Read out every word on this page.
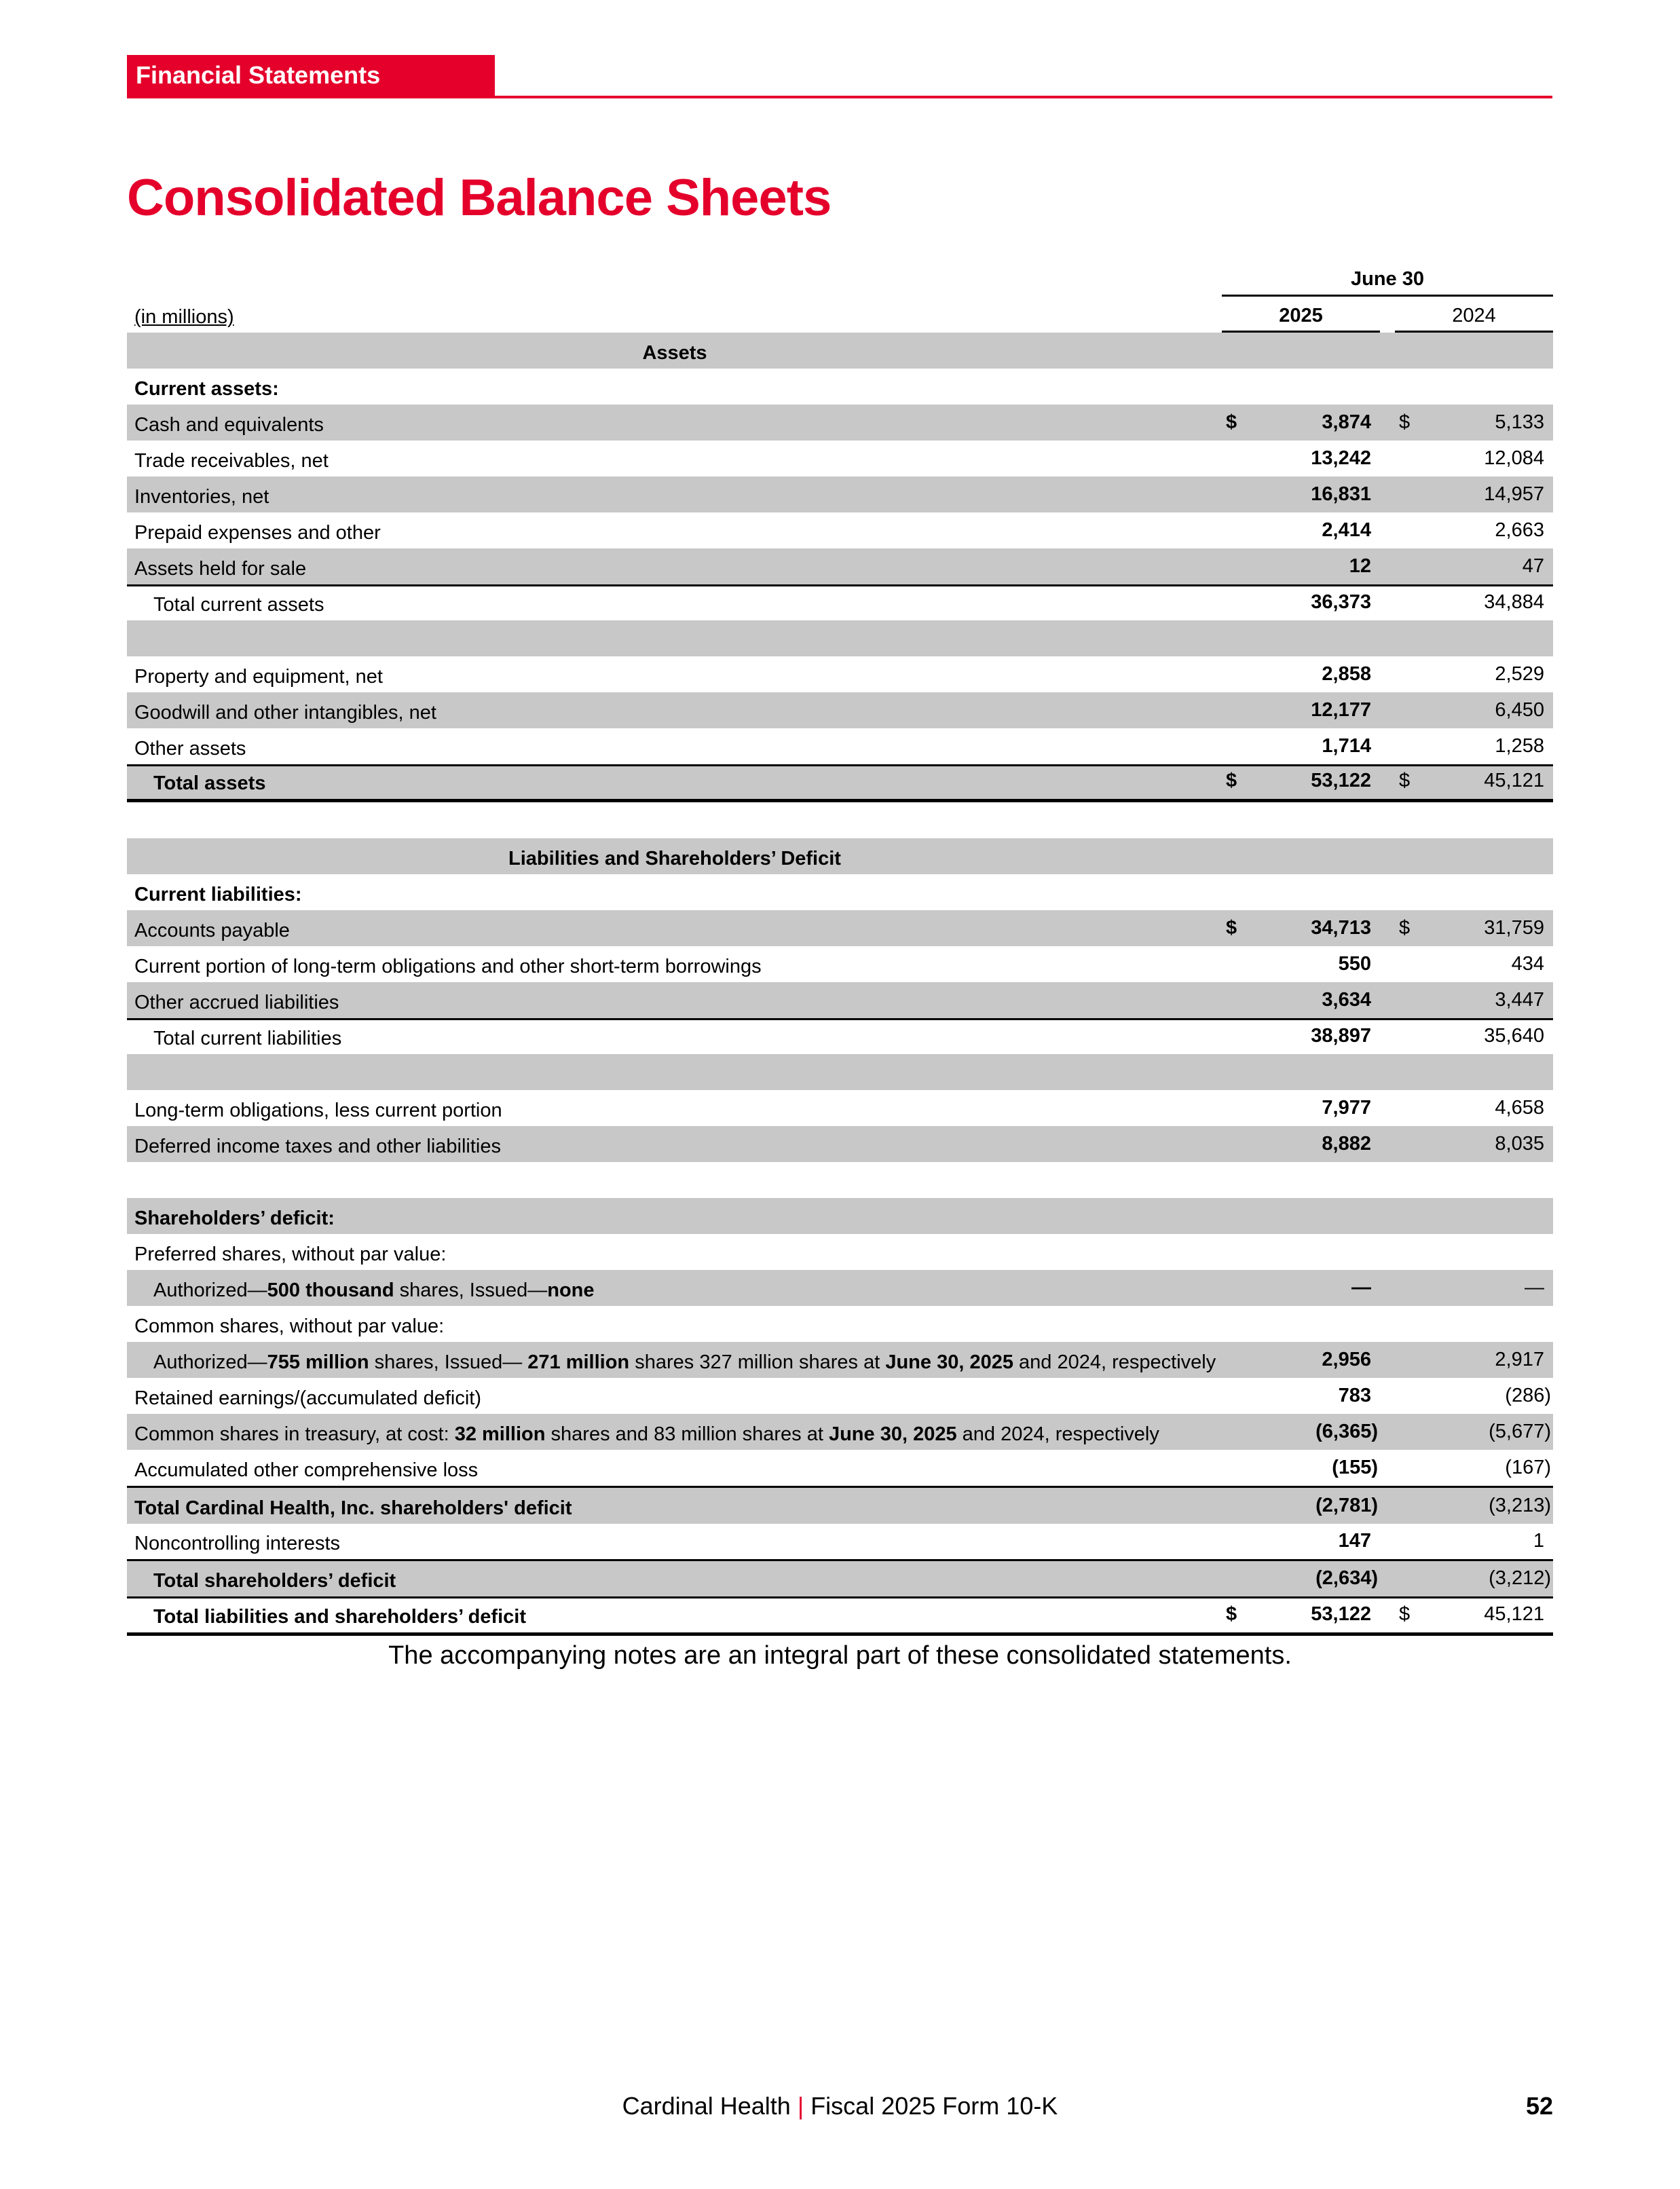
Financial Statements
Consolidated Balance Sheets
June 30
(in millions)	2025	2024
Assets
Current assets:
Cash and equivalents	$	3,874 $	5,133
Trade receivables, net	13,242	12,084
Inventories, net	16,831	14,957
Prepaid expenses and other	2,414	2,663
Assets held for sale	12	47
Total current assets	36,373	34,884
Property and equipment, net	2,858	2,529
Goodwill and other intangibles, net	12,177	6,450
Other assets	1,714	1,258
Total assets	$	53,122 $	45,121
Liabilities and Shareholders’ Deficit
Current liabilities:
Accounts payable	$	34,713 $	31,759
Current portion of long-term obligations and other short-term borrowings	550	434
Other accrued liabilities	3,634	3,447
Total current liabilities	38,897	35,640
Long-term obligations, less current portion	7,977	4,658
Deferred income taxes and other liabilities	8,882	8,035
Shareholders’ deficit:
Preferred shares, without par value:
Authorized—500 thousand shares, Issued—none	—	—
Common shares, without par value:
Authorized—755 million shares, Issued— 271 million shares 327 million shares at June 30, 2025 and 2024, respectively	2,956	2,917
Retained earnings/(accumulated deficit)	783	(286)
Common shares in treasury, at cost: 32 million shares and 83 million shares at June 30, 2025 and 2024, respectively	(6,365)	(5,677)
Accumulated other comprehensive loss	(155)	(167)
Total Cardinal Health, Inc. shareholders' deficit	(2,781)	(3,213)
Noncontrolling interests	147	1
Total shareholders’ deficit	(2,634)	(3,212)
Total liabilities and shareholders’ deficit	$	53,122 $	45,121
The accompanying notes are an integral part of these consolidated statements.
Cardinal Health | Fiscal 2025 Form 10-K	52
